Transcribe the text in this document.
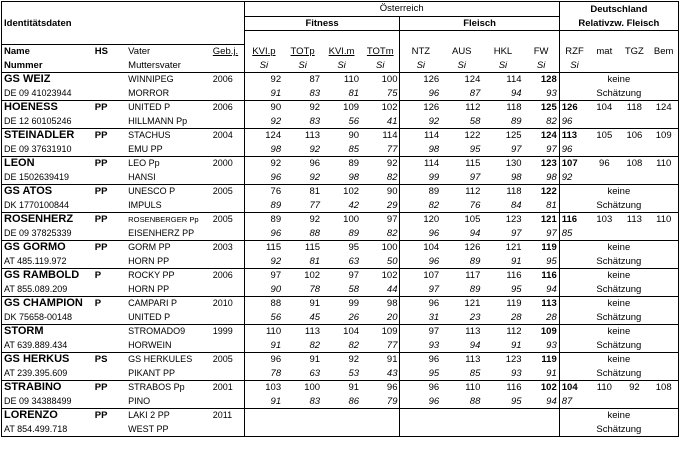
Identitätsdaten				Österreich								Deutschland			
				Fitness				Fleisch				Relativzw. Fleisch			

Name	HS	Vater	Geb.j.	KVI.p	TOTp	KVI.m	TOTm	NTZ	AUS	HKL	FW	RZF	mat	TGZ	Bem
Nummer		Muttersvater		Si	Si	Si	Si	Si	Si	Si	Si	Si			
GS WEIZ		WINNIPEG	2006	92	87	110	100	126	124	114	128	keine			
DE 09 41023944		MORROR		91	83	81	75	96	87	94	93	Schätzung			
HOENESS	PP	UNITED P	2006	90	92	109	102	126	112	118	125	126	104	118	124
DE 12 60105246		HILLMANN Pp		92	83	56	41	92	58	89	82	96			
STEINADLER	PP	STACHUS	2004	124	113	90	114	114	122	125	124	113	105	106	109
DE 09 37631910		EMU PP		98	92	85	77	98	95	97	97	96			
LEON	PP	LEO Pp	2000	92	96	89	92	114	115	130	123	107	96	108	110
DE 1502639419		HANSI		96	92	98	82	99	97	98	98	92			
GS ATOS	PP	UNESCO P	2005	76	81	102	90	89	112	118	122	keine			
DK 1770100844		IMPULS		89	77	42	29	82	76	84	81	Schätzung			
ROSENHERZ	PP	ROSENBERGER Pp	2005	89	92	100	97	120	105	123	121	116	103	113	110
DE 09 37825339		EISENHERZ PP		96	88	89	82	96	94	97	97	85			
GS GORMO	PP	GORM PP	2003	115	115	95	100	104	126	121	119	keine			
AT 485.119.972		HORN PP		92	81	63	50	96	89	91	95	Schätzung			
GS RAMBOLD	P	ROCKY PP	2006	97	102	97	102	107	117	116	116	keine			
AT 855.089.209		HORN PP		90	78	58	44	97	89	95	94	Schätzung			
GS CHAMPION	P	CAMPARI P	2010	88	91	99	98	96	121	119	113	keine			
DK 75658-00148		UNITED P		56	45	26	20	31	23	28	28	Schätzung			
STORM		STROMADO9	1999	110	113	104	109	97	113	112	109	keine			
AT 639.889.434		HORWEIN		91	82	82	77	93	94	91	93	Schätzung			
GS HERKUS	PS	GS HERKULES	2005	96	91	92	91	96	113	123	119	keine			
AT 239.395.609		PIKANT PP		78	63	53	43	95	85	93	91	Schätzung			
STRABINO	PP	STRABOS Pp	2001	103	100	91	96	96	110	116	102	104	110	92	108
DE 09 34388499		PINO		91	83	86	79	96	88	95	94	87			
LORENZO	PP	LAKI 2 PP	2011									keine			
AT 854.499.718		WEST PP										Schätzung			
